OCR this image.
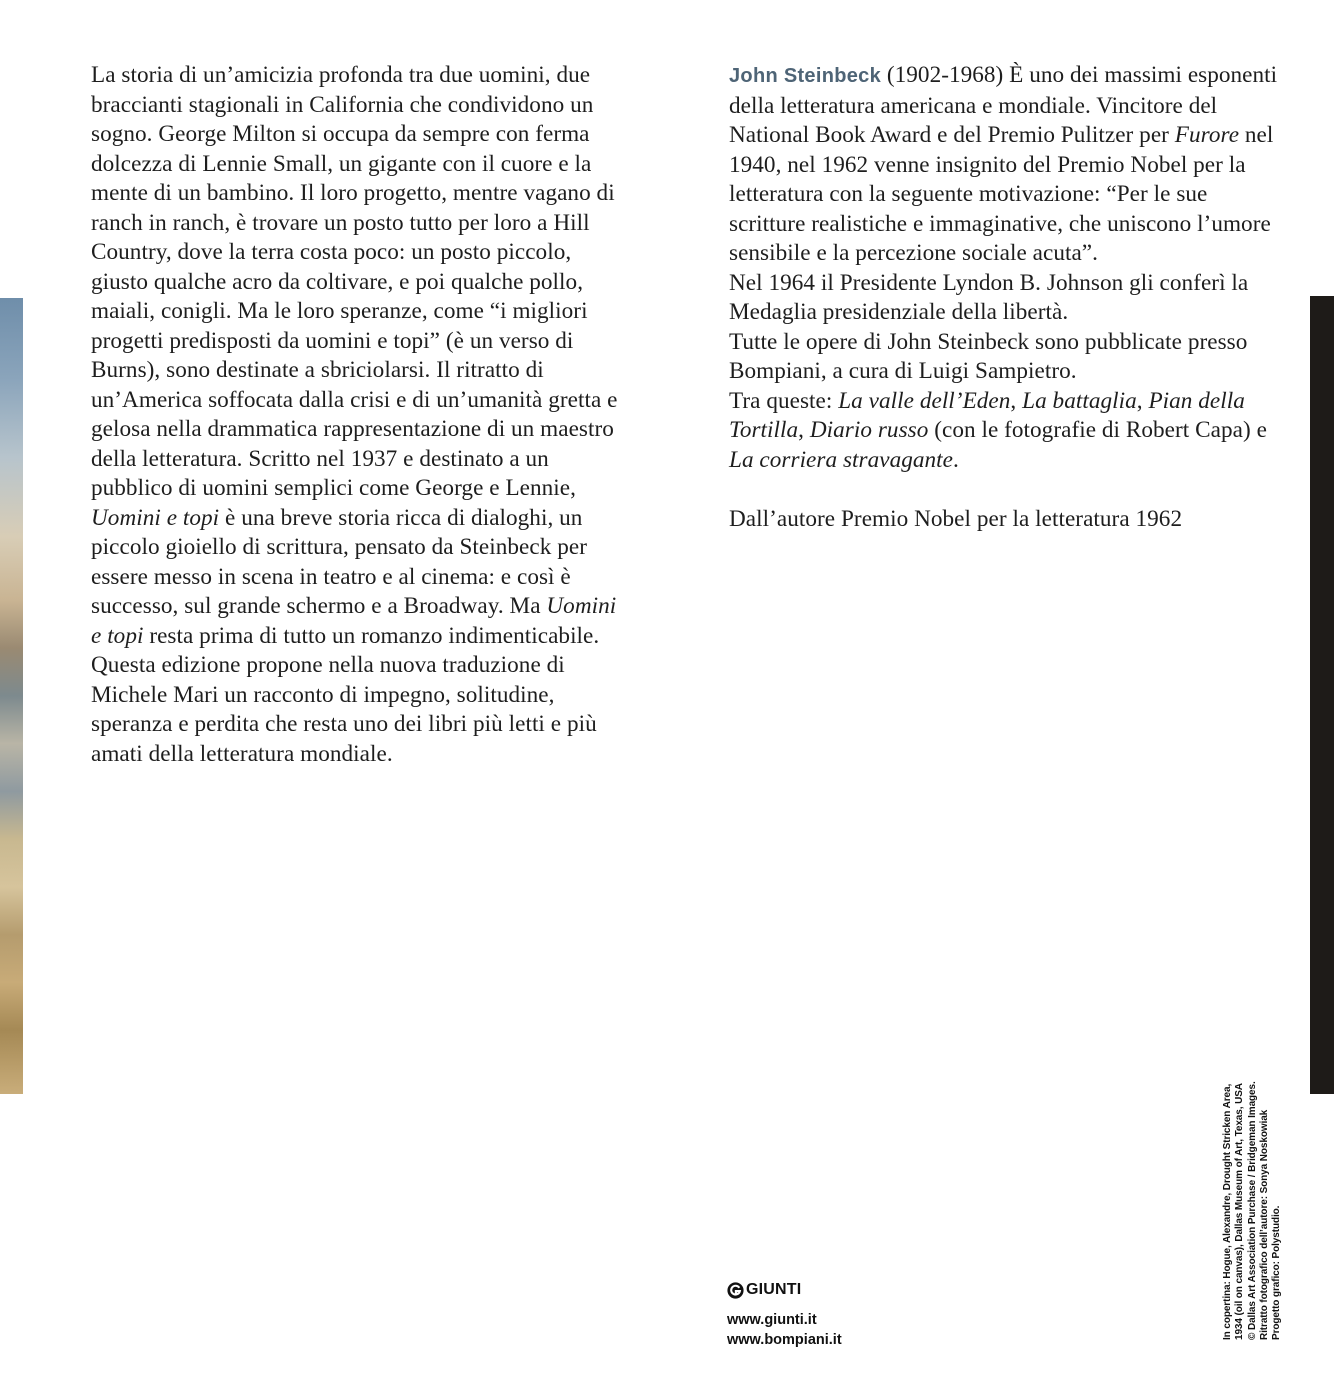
La storia di un’amicizia profonda tra due uomini, due braccianti stagionali in California che condividono un sogno. George Milton si occupa da sempre con ferma dolcezza di Lennie Small, un gigante con il cuore e la mente di un bambino. Il loro progetto, mentre vagano di ranch in ranch, è trovare un posto tutto per loro a Hill Country, dove la terra costa poco: un posto piccolo, giusto qualche acro da coltivare, e poi qualche pollo, maiali, conigli. Ma le loro speranze, come “i migliori progetti predisposti da uomini e topi” (è un verso di Burns), sono destinate a sbriciolarsi. Il ritratto di un’America soffocata dalla crisi e di un’umanità gretta e gelosa nella drammatica rappresentazione di un maestro della letteratura. Scritto nel 1937 e destinato a un pubblico di uomini semplici come George e Lennie, Uomini e topi è una breve storia ricca di dialoghi, un piccolo gioiello di scrittura, pensato da Steinbeck per essere messo in scena in teatro e al cinema: e così è successo, sul grande schermo e a Broadway. Ma Uomini e topi resta prima di tutto un romanzo indimenticabile.

Questa edizione propone nella nuova traduzione di Michele Mari un racconto di impegno, solitudine, speranza e perdita che resta uno dei libri più letti e più amati della letteratura mondiale.

John Steinbeck (1902-1968) È uno dei massimi esponenti della letteratura americana e mondiale. Vincitore del National Book Award e del Premio Pulitzer per Furore nel 1940, nel 1962 venne insignito del Premio Nobel per la letteratura con la seguente motivazione: “Per le sue scritture realistiche e immaginative, che uniscono l’umore sensibile e la percezione sociale acuta”.

Nel 1964 il Presidente Lyndon B. Johnson gli conferì la Medaglia presidenziale della libertà.

Tutte le opere di John Steinbeck sono pubblicate presso Bompiani, a cura di Luigi Sampietro.
Tra queste: La valle dell’Eden, La battaglia, Pian della Tortilla, Diario russo (con le fotografie di Robert Capa) e La corriera stravagante.

Dall’autore Premio Nobel per la letteratura 1962

GIUNTI
www.giunti.it
www.bompiani.it	In copertina: Hogue, Alexandre, Drought Stricken Area, 1934 (oil on canvas), Dallas Museum of Art, Texas, USA © Dallas Art Association Purchase / Bridgeman Images. Ritratto fotografico dell’autore: Sonya Noskowiak Progetto grafico: Polystudio.
